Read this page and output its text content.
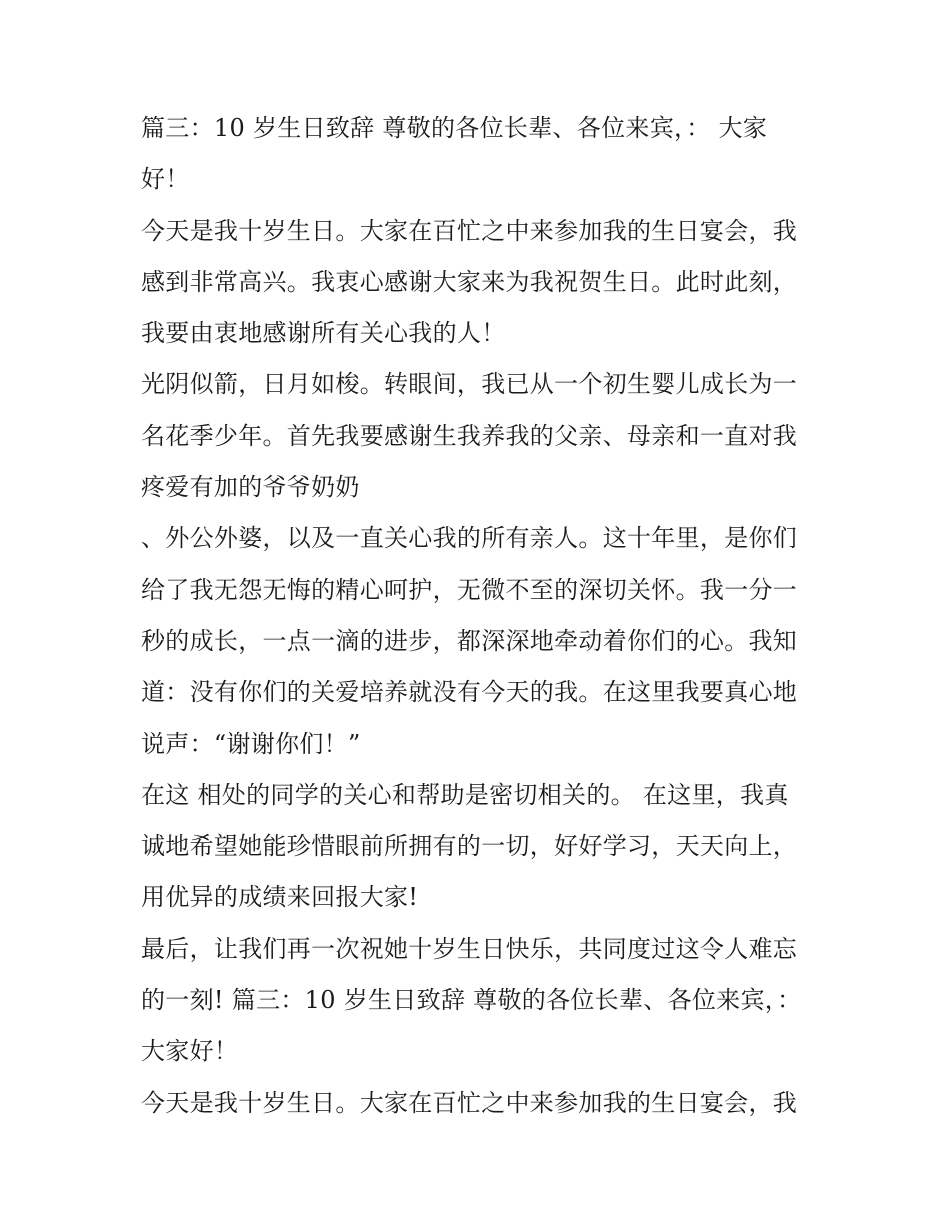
篇三：10 岁生日致辞 尊敬的各位长辈、各位来宾，： 大家
好！
今天是我十岁生日。大家在百忙之中来参加我的生日宴会，我
感到非常高兴。我衷心感谢大家来为我祝贺生日。此时此刻，
我要由衷地感谢所有关心我的人！
光阴似箭，日月如梭。转眼间，我已从一个初生婴儿成长为一
名花季少年。首先我要感谢生我养我的父亲、母亲和一直对我
疼爱有加的爷爷奶奶
、外公外婆，以及一直关心我的所有亲人。这十年里，是你们
给了我无怨无悔的精心呵护，无微不至的深切关怀。我一分一
秒的成长，一点一滴的进步，都深深地牵动着你们的心。我知
道：没有你们的关爱培养就没有今天的我。在这里我要真心地
说声：“谢谢你们！”
在这 相处的同学的关心和帮助是密切相关的。 在这里，我真
诚地希望她能珍惜眼前所拥有的一切，好好学习，天天向上，
用优异的成绩来回报大家!
最后，让我们再一次祝她十岁生日快乐，共同度过这令人难忘
的一刻! 篇三：10 岁生日致辞 尊敬的各位长辈、各位来宾，：
大家好！
今天是我十岁生日。大家在百忙之中来参加我的生日宴会，我
